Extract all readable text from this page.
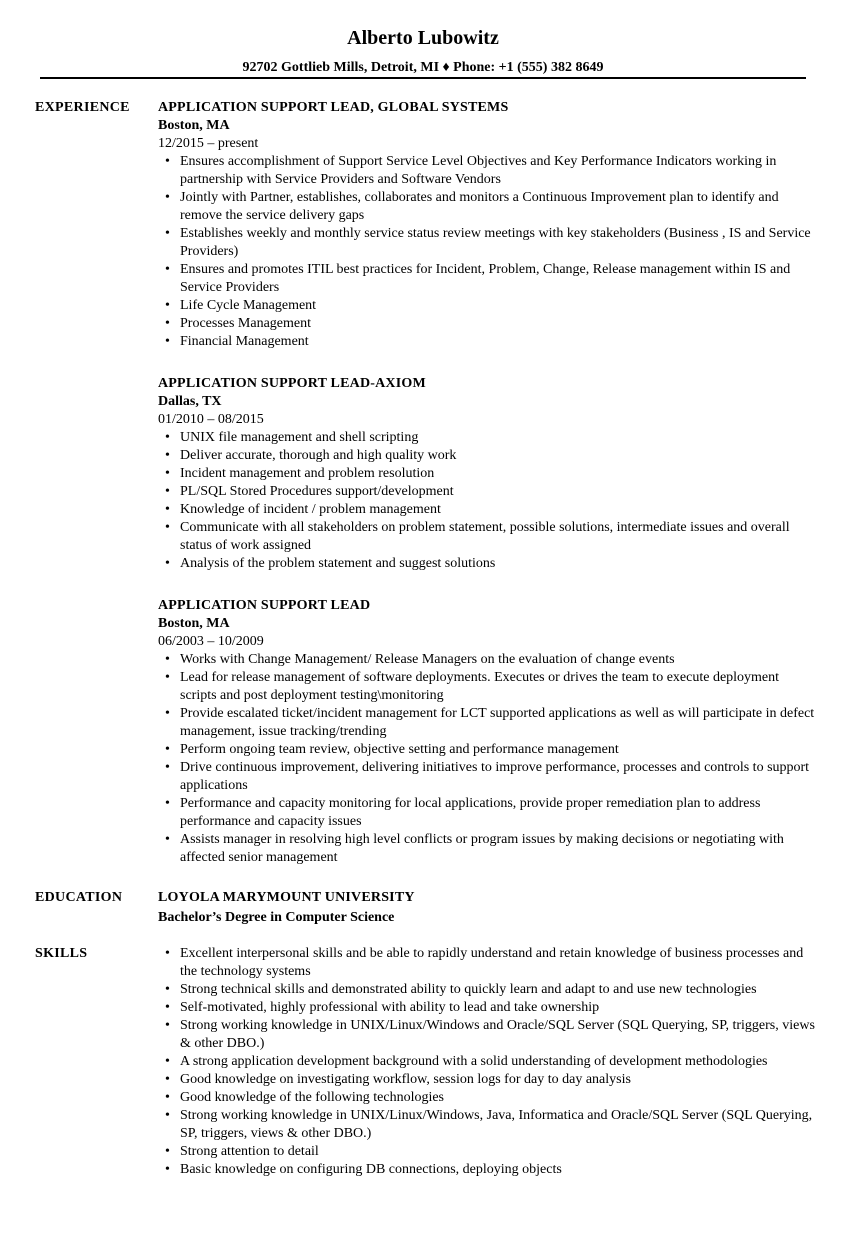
Alberto Lubowitz
92702 Gottlieb Mills, Detroit, MI ♦ Phone: +1 (555) 382 8649
EXPERIENCE APPLICATION SUPPORT LEAD, GLOBAL SYSTEMS
Boston, MA
12/2015 – present
• Ensures accomplishment of Support Service Level Objectives and Key Performance Indicators working in partnership with Service Providers and Software Vendors
• Jointly with Partner, establishes, collaborates and monitors a Continuous Improvement plan to identify and remove the service delivery gaps
• Establishes weekly and monthly service status review meetings with key stakeholders (Business , IS and Service Providers)
• Ensures and promotes ITIL best practices for Incident, Problem, Change, Release management within IS and Service Providers
• Life Cycle Management
• Processes Management
• Financial Management
APPLICATION SUPPORT LEAD-AXIOM
Dallas, TX
01/2010 – 08/2015
• UNIX file management and shell scripting
• Deliver accurate, thorough and high quality work
• Incident management and problem resolution
• PL/SQL Stored Procedures support/development
• Knowledge of incident / problem management
• Communicate with all stakeholders on problem statement, possible solutions, intermediate issues and overall status of work assigned
• Analysis of the problem statement and suggest solutions
APPLICATION SUPPORT LEAD
Boston, MA
06/2003 – 10/2009
• Works with Change Management/ Release Managers on the evaluation of change events
• Lead for release management of software deployments. Executes or drives the team to execute deployment scripts and post deployment testing\monitoring
• Provide escalated ticket/incident management for LCT supported applications as well as will participate in defect management, issue tracking/trending
• Perform ongoing team review, objective setting and performance management
• Drive continuous improvement, delivering initiatives to improve performance, processes and controls to support applications
• Performance and capacity monitoring for local applications, provide proper remediation plan to address performance and capacity issues
• Assists manager in resolving high level conflicts or program issues by making decisions or negotiating with affected senior management
EDUCATION	LOYOLA MARYMOUNT UNIVERSITY
Bachelor’s Degree in Computer Science
SKILLS
•	Excellent interpersonal skills and be able to rapidly understand and retain knowledge of business processes and the technology systems
• Strong technical skills and demonstrated ability to quickly learn and adapt to and use new technologies
• Self-motivated, highly professional with ability to lead and take ownership
• Strong working knowledge in UNIX/Linux/Windows and Oracle/SQL Server (SQL Querying, SP, triggers, views & other DBO.)
• A strong application development background with a solid understanding of development methodologies
• Good knowledge on investigating workflow, session logs for day to day analysis
• Good knowledge of the following technologies
• Strong working knowledge in UNIX/Linux/Windows, Java, Informatica and Oracle/SQL Server (SQL Querying, SP, triggers, views & other DBO.)
• Strong attention to detail
• Basic knowledge on configuring DB connections, deploying objects
